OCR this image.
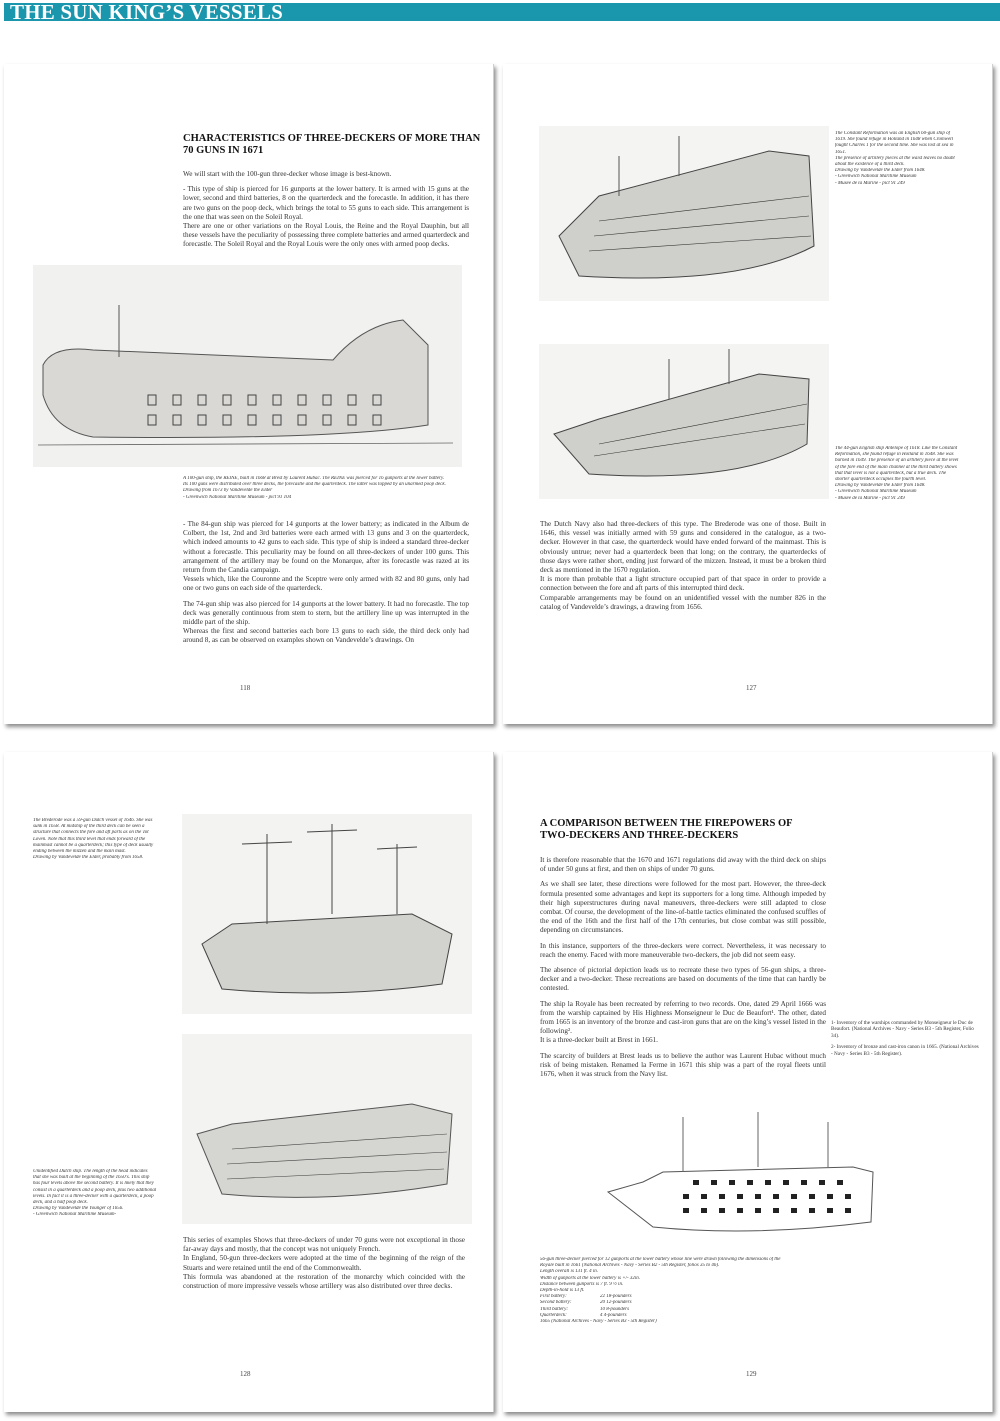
THE SUN KING’S VESSELS
CHARACTERISTICS OF THREE-DECKERS OF MORE THAN
70 GUNS IN 1671

We will start with the 100-gun three-decker whose image is best-known.

- This type of ship is pierced for 16 gunports at the lower battery. It is armed with 15 guns at the lower, second and third batteries, 8 on the quarterdeck and the forecastle. In addition, it has there are two guns on the poop deck, which brings the total to 55 guns to each side. This arrangement is the one that was seen on the Soleil Royal.

There are one or other variations on the Royal Louis, the Reine and the Royal Dauphin, but all these vessels have the peculiarity of possessing three complete batteries and armed quarterdeck and forecastle. The Soleil Royal and the Royal Louis were the only ones with armed poop decks.

A 100-gun ship, the REINE, built in 1668 at Brest by Laurent Hubac. The REINE was pierced for 16 gunports at the lower battery.
Its 100 guns were distributed over three decks, the forecastle and the quarterdeck. The latter was topped by an unarmed poop deck.
Drawing from 1673 by Vandevelde the Elder
- Greenwich National Maritime Museum - pict 91 104

- The 84-gun ship was pierced for 14 gunports at the lower battery; as indicated in the Album de Colbert, the 1st, 2nd and 3rd batteries were each armed with 13 guns and 3 on the quarterdeck, which indeed amounts to 42 guns to each side. This type of ship is indeed a standard three-decker without a forecastle. This peculiarity may be found on all three-deckers of under 100 guns. This arrangement of the artillery may be found on the Monarque, after its forecastle was razed at its return from the Candia campaign.

Vessels which, like the Couronne and the Sceptre were only armed with 82 and 80 guns, only had one or two guns on each side of the quarterdeck.

The 74-gun ship was also pierced for 14 gunports at the lower battery. It had no forecastle. The top deck was generally continuous from stem to stern, but the artillery line up was interrupted in the middle part of the ship.

Whereas the first and second batteries each bore 13 guns to each side, the third deck only had around 8, as can be observed on examples shown on Vandevelde’s drawings. On

118
The Constant Reformation was an English 60-gun ship of
1619. She found refuge in Holland in 1648 when Cromwell
fought Charles 1 for the second time. She was lost at sea in
1651.
The presence of artillery pieces at the waist leaves no doubt
about the existence of a third deck.
Drawing by Vandevelde the Elder from 1648.
- Greenwich National Maritime Museum
- Musée de la Marine - pict 91 249
The 44-gun English ship Antelope of 1618. Like the Constant
Reformation, she found refuge in Holland in 1648. She was
burned in 1649. The presence of an artillery piece at the level
of the fore end of the main channel at the third battery shows
that that level is not a quarterdeck, but a true deck. The
shorter quarterdeck occupies the fourth level.
Drawing by Vandevelde the Elder from 1648.
- Greenwich National Maritime Museum
- Musée de la Marine - pict 91 249

The Dutch Navy also had three-deckers of this type. The Brederode was one of those. Built in 1646, this vessel was initially armed with 59 guns and considered in the catalogue, as a two-decker. However in that case, the quarterdeck would have ended forward of the mainmast. This is obviously untrue; never had a quarterdeck been that long; on the contrary, the quarterdecks of those days were rather short, ending just forward of the mizzen. Instead, it must be a broken third deck as mentioned in the 1670 regulation.

It is more than probable that a light structure occupied part of that space in order to provide a connection between the fore and aft parts of this interrupted third deck.

Comparable arrangements may be found on an unidentified vessel with the number 826 in the catalog of Vandevelde’s drawings, a drawing from 1656.

127
The Brederode was a 59-gun Dutch vessel of 1646. She was
sunk in 1658. At midship of the third deck can be seen a
structure that connects the fore and aft parts as on the Tot
Loven. Note that this third level that ends forward of the
mainmast cannot be a quarterdeck; this type of deck usually
ending between the mizzen and the main mast.
Drawing by Vandevelde the Elder, probably from 1658.
Unidentified Dutch ship. The length of the head indicates
that she was built at the beginning of the 1650's. This ship
has four levels above the second battery. It is likely that they
consist in a quarterdeck and a poop deck, plus two additional
levels. In fact it is a three-decker with a quarterdeck, a poop
deck, and a half poop deck.
Drawing by Vandevelde the Younger of 1656.
- Greenwich National Maritime Museum-

This series of examples Shows that three-deckers of under 70 guns were not exceptional in those far-away days and mostly, that the concept was not uniquely French.

In England, 50-gun three-deckers were adopted at the time of the beginning of the reign of the Stuarts and were retained until the end of the Commonwealth.

This formula was abandoned at the restoration of the monarchy which coincided with the construction of more impressive vessels whose artillery was also distributed over three decks.

128
A COMPARISON BETWEEN THE FIREPOWERS OF
TWO-DECKERS AND THREE-DECKERS

It is therefore reasonable that the 1670 and 1671 regulations did away with the third deck on ships of under 50 guns at first, and then on ships of under 70 guns.

As we shall see later, these directions were followed for the most part. However, the three-deck formula presented some advantages and kept its supporters for a long time. Although impeded by their high superstructures during naval maneuvers, three-deckers were still adapted to close combat. Of course, the development of the line-of-battle tactics eliminated the confused scuffles of the end of the 16th and the first half of the 17th centuries, but close combat was still possible, depending on circumstances.

In this instance, supporters of the three-deckers were correct. Nevertheless, it was necessary to reach the enemy. Faced with more maneuverable two-deckers, the job did not seem easy.

The absence of pictorial depiction leads us to recreate these two types of 56-gun ships, a three-decker and a two-decker. These recreations are based on documents of the time that can hardly be contested.

The ship la Royale has been recreated by referring to two records. One, dated 29 April 1666 was from the warship captained by His Highness Monseigneur le Duc de Beaufort¹. The other, dated from 1665 is an inventory of the bronze and cast-iron guns that are on the king’s vessel listed in the following².

It is a three-decker built at Brest in 1661.

The scarcity of builders at Brest leads us to believe the author was Laurent Hubac without much risk of being mistaken. Renamed la Ferme in 1671 this ship was a part of the royal fleets until 1676, when it was struck from the Navy list.

1- Inventory of the warships commanded by Monseigneur le Duc de Beaufort. (National Archives - Navy - Series B3 - 5th Register, Folio 34).
2- Inventory of bronze and cast-iron canon in 1665. (National Archives - Navy - Series B3 - 5th Register).
56-gun three-decker pierced for 12 gunports at the lower battery whose line were drawn following the dimensions of the
Royale built in 1661 (National Archives - Navy - Series B2 - 5th Register, folios 35 to 46).
Length overall is 131 ft. 4 in.
Width of gunports at the lower battery is +/- 32in.
Distance between gunports is 7 ft. 9 ½ in.
Depth-in-hold is 13 ft.
First battery:	22 18-pounders
Second battery:	20 12-pounders
Third battery:	10 8-pounders
Quarterdeck:	4 4-pounders
1665 (National Archives - Navy - Series B3 - 5th Register)
129
